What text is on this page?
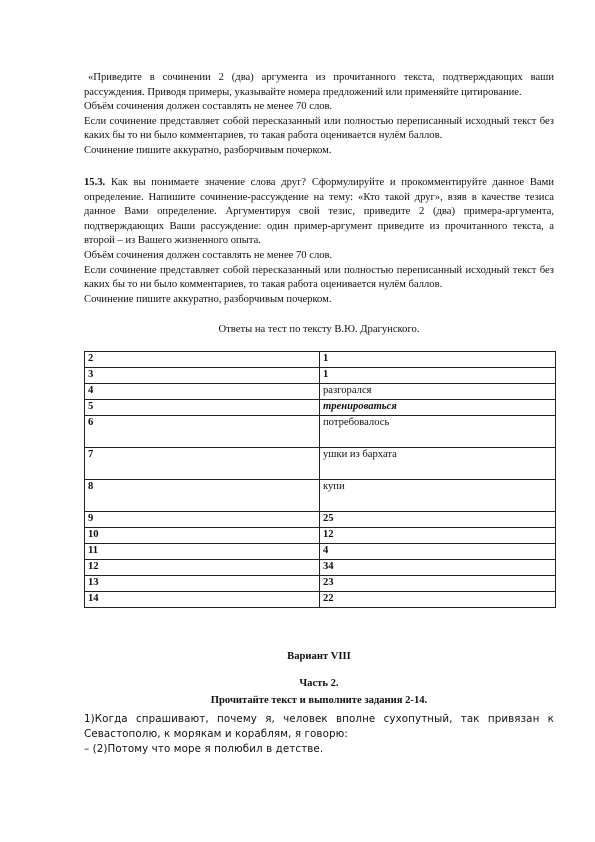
«Приведите в сочинении 2 (два) аргумента из прочитанного текста, подтверждающих ваши рассуждения. Приводя примеры, указывайте номера предложений или применяйте цитирование.
Объём сочинения должен составлять не менее 70 слов.
Если сочинение представляет собой пересказанный или полностью переписанный исходный текст без каких бы то ни было комментариев, то такая работа оценивается нулём баллов.
Сочинение пишите аккуратно, разборчивым почерком.
15.3. Как вы понимаете значение слова друг? Сформулируйте и прокомментируйте данное Вами определение. Напишите сочинение-рассуждение на тему: «Кто такой друг», взяв в качестве тезиса данное Вами определение. Аргументируя свой тезис, приведите 2 (два) примера-аргумента, подтверждающих Ваши рассуждение: один пример-аргумент приведите из прочитанного текста, а второй – из Вашего жизненного опыта.
Объём сочинения должен составлять не менее 70 слов.
Если сочинение представляет собой пересказанный или полностью переписанный исходный текст без каких бы то ни было комментариев, то такая работа оценивается нулём баллов.
Сочинение пишите аккуратно, разборчивым почерком.
Ответы на тест по тексту В.Ю. Драгунского.
2	1
3	1
4	разгорался
5	тренироваться
6	потребовалось
7	ушки из бархата
8	купи
9	25
10	12
11	4
12	34
13	23
14	22
Вариант VIII
Часть 2.
Прочитайте текст и выполните задания 2-14.
1)Когда спрашивают, почему я, человек вполне сухопутный, так привязан к Севастополю, к морякам и кораблям, я говорю:
– (2)Потому что море я полюбил в детстве.
